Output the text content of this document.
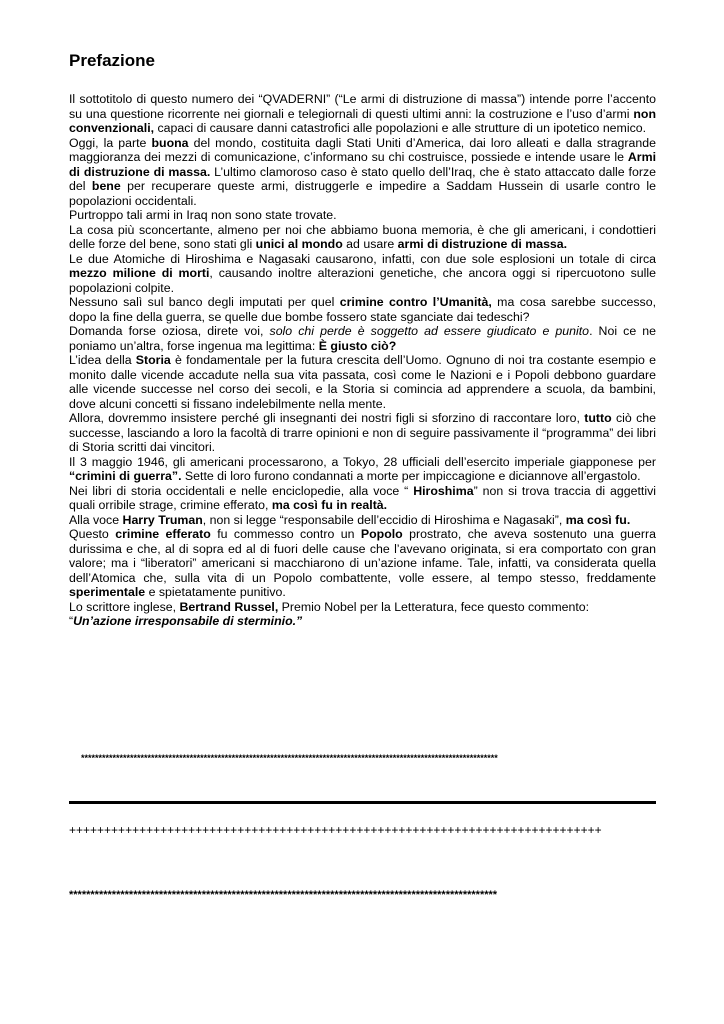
Prefazione

Il sottotitolo di questo numero dei “QVADERNI” (“Le armi di distruzione di massa”) intende porre l’accento su una questione ricorrente nei giornali e telegiornali di questi ultimi anni: la costruzione e l’uso d’armi non convenzionali, capaci di causare danni catastrofici alle popolazioni e alle strutture di un ipotetico nemico.

Oggi, la parte buona del mondo, costituita dagli Stati Uniti d’America, dai loro alleati e dalla stragrande maggioranza dei mezzi di comunicazione, c’informano su chi costruisce, possiede e intende usare le Armi di distruzione di massa. L’ultimo clamoroso caso è stato quello dell’Iraq, che è stato attaccato dalle forze del bene per recuperare queste armi, distruggerle e impedire a Saddam Hussein di usarle contro le popolazioni occidentali.

Purtroppo tali armi in Iraq non sono state trovate.

La cosa più sconcertante, almeno per noi che abbiamo buona memoria, è che gli americani, i condottieri delle forze del bene, sono stati gli unici al mondo ad usare armi di distruzione di massa.

Le due Atomiche di Hiroshima e Nagasaki causarono, infatti, con due sole esplosioni un totale di circa mezzo milione di morti, causando inoltre alterazioni genetiche, che ancora oggi si ripercuotono sulle popolazioni colpite.

Nessuno salì sul banco degli imputati per quel crimine contro l’Umanità, ma cosa sarebbe successo, dopo la fine della guerra, se quelle due bombe fossero state sganciate dai tedeschi?

Domanda forse oziosa, direte voi, solo chi perde è soggetto ad essere giudicato e punito. Noi ce ne poniamo un’altra, forse ingenua ma legittima: È giusto ciò?

L’idea della Storia è fondamentale per la futura crescita dell’Uomo. Ognuno di noi tra costante esempio e monito dalle vicende accadute nella sua vita passata, così come le Nazioni e i Popoli debbono guardare alle vicende successe nel corso dei secoli, e la Storia si comincia ad apprendere a scuola, da bambini, dove alcuni concetti si fissano indelebilmente nella mente.

Allora, dovremmo insistere perché gli insegnanti dei nostri figli si sforzino di raccontare loro, tutto ciò che successe, lasciando a loro la facoltà di trarre opinioni e non di seguire passivamente il “programma” dei libri di Storia scritti dai vincitori.

Il 3 maggio 1946, gli americani processarono, a Tokyo, 28 ufficiali dell’esercito imperiale giapponese per “crimini di guerra”. Sette di loro furono condannati a morte per impiccagione e diciannove all’ergastolo.

Nei libri di storia occidentali e nelle enciclopedie, alla voce “ Hiroshima” non si trova traccia di aggettivi quali orribile strage, crimine efferato, ma così fu in realtà.

Alla voce Harry Truman, non si legge “responsabile dell’eccidio di Hiroshima e Nagasaki”, ma così fu.

Questo crimine efferato fu commesso contro un Popolo prostrato, che aveva sostenuto una guerra durissima e che, al di sopra ed al di fuori delle cause che l’avevano originata, si era comportato con gran valore; ma i “liberatori” americani si macchiarono di un’azione infame. Tale, infatti, va considerata quella dell’Atomica che, sulla vita di un Popolo combattente, volle essere, al tempo stesso, freddamente sperimentale e spietatamente punitivo.

Lo scrittore inglese, Bertrand Russel, Premio Nobel per la Letteratura, fece questo commento:

“Un’azione irresponsabile di sterminio.”

***********************************************************************************************************************
++++++++++++++++++++++++++++++++++++++++++++++++++++++++++++++++++++++++++++
****************************************************************************************************
